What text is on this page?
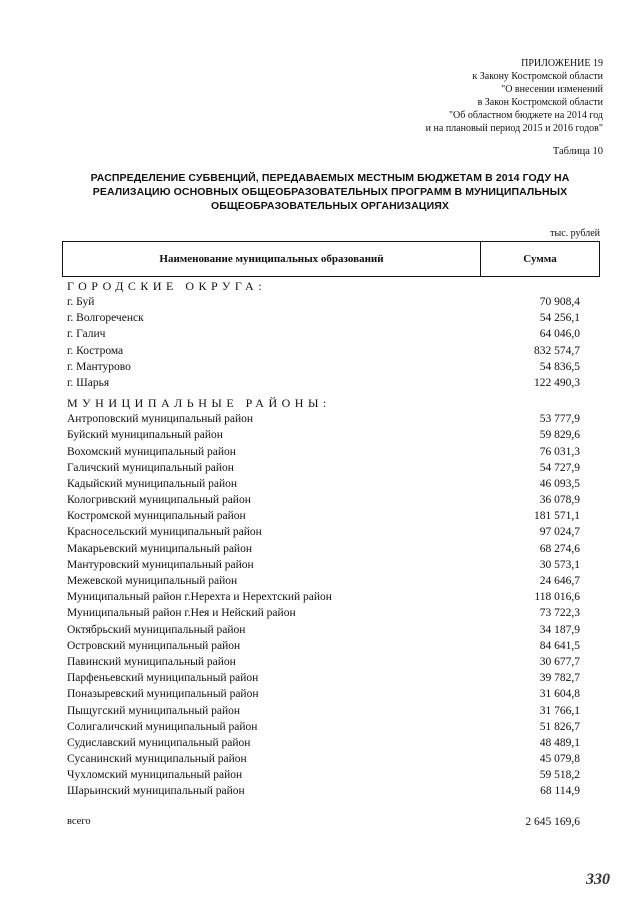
ПРИЛОЖЕНИЕ 19
к Закону Костромской области
"О внесении изменений
в Закон Костромской области
"Об областном бюджете на 2014 год
и на плановый период 2015 и 2016 годов"
Таблица 10
РАСПРЕДЕЛЕНИЕ СУБВЕНЦИЙ, ПЕРЕДАВАЕМЫХ МЕСТНЫМ БЮДЖЕТАМ В 2014 ГОДУ НА
РЕАЛИЗАЦИЮ ОСНОВНЫХ ОБЩЕОБРАЗОВАТЕЛЬНЫХ ПРОГРАММ В МУНИЦИПАЛЬНЫХ
ОБЩЕОБРАЗОВАТЕЛЬНЫХ ОРГАНИЗАЦИЯХ
тыс. рублей
Наименование муниципальных образований	Сумма
ГОРОДСКИЕ ОКРУГА:
г. Буй	70 908,4
г. Волгореченск	54 256,1
г. Галич	64 046,0
г. Кострома	832 574,7
г. Мантурово	54 836,5
г. Шарья	122 490,3
МУНИЦИПАЛЬНЫЕ РАЙОНЫ:
Антроповский муниципальный район	53 777,9
Буйский муниципальный район	59 829,6
Вохомский муниципальный район	76 031,3
Галичский муниципальный район	54 727,9
Кадыйский муниципальный район	46 093,5
Кологривский муниципальный район	36 078,9
Костромской муниципальный район	181 571,1
Красносельский муниципальный район	97 024,7
Макарьевский муниципальный район	68 274,6
Мантуровский муниципальный район	30 573,1
Межевской муниципальный район	24 646,7
Муниципальный район г.Нерехта и Нерехтский район	118 016,6
Муниципальный район г.Нея и Нейский район	73 722,3
Октябрьский муниципальный район	34 187,9
Островский муниципальный район	84 641,5
Павинский муниципальный район	30 677,7
Парфеньевский муниципальный район	39 782,7
Поназыревский муниципальный район	31 604,8
Пыщугский муниципальный район	31 766,1
Солигаличский муниципальный район	51 826,7
Судиславский муниципальный район	48 489,1
Сусанинский муниципальный район	45 079,8
Чухломский муниципальный район	59 518,2
Шарьинский муниципальный район	68 114,9
всего	2 645 169,6
330
